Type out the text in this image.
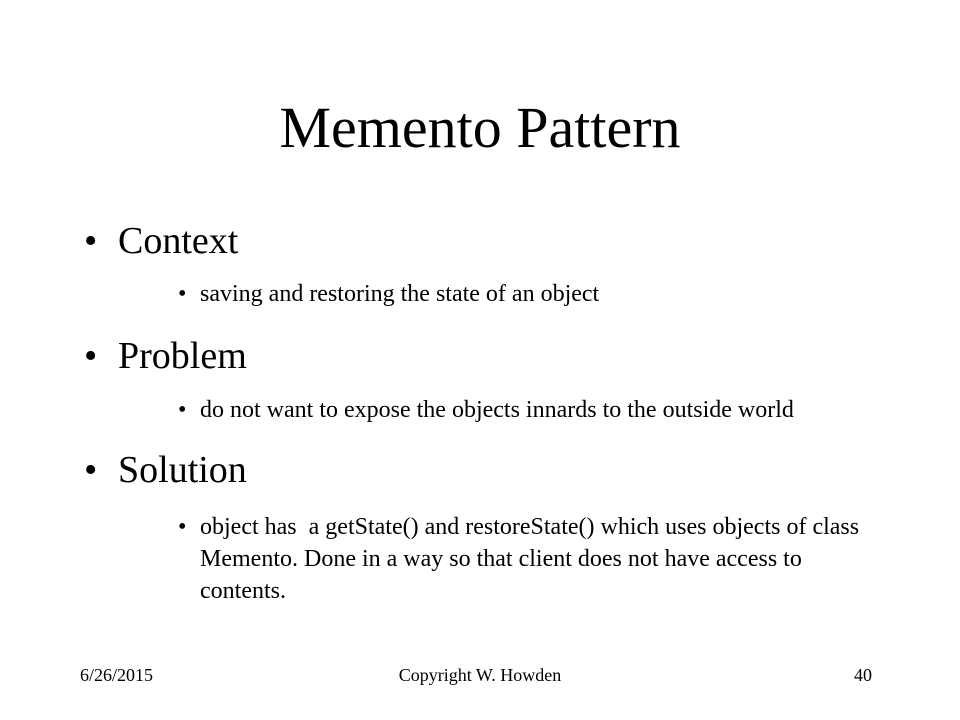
Memento Pattern
• Context
• saving and restoring the state of an object
• Problem
• do not want to expose the objects innards to the outside world
• Solution
• object has  a getState() and restoreState() which uses objects of class Memento. Done in a way so that client does not have access to contents.
Copyright W. Howden
6/26/2015	40
